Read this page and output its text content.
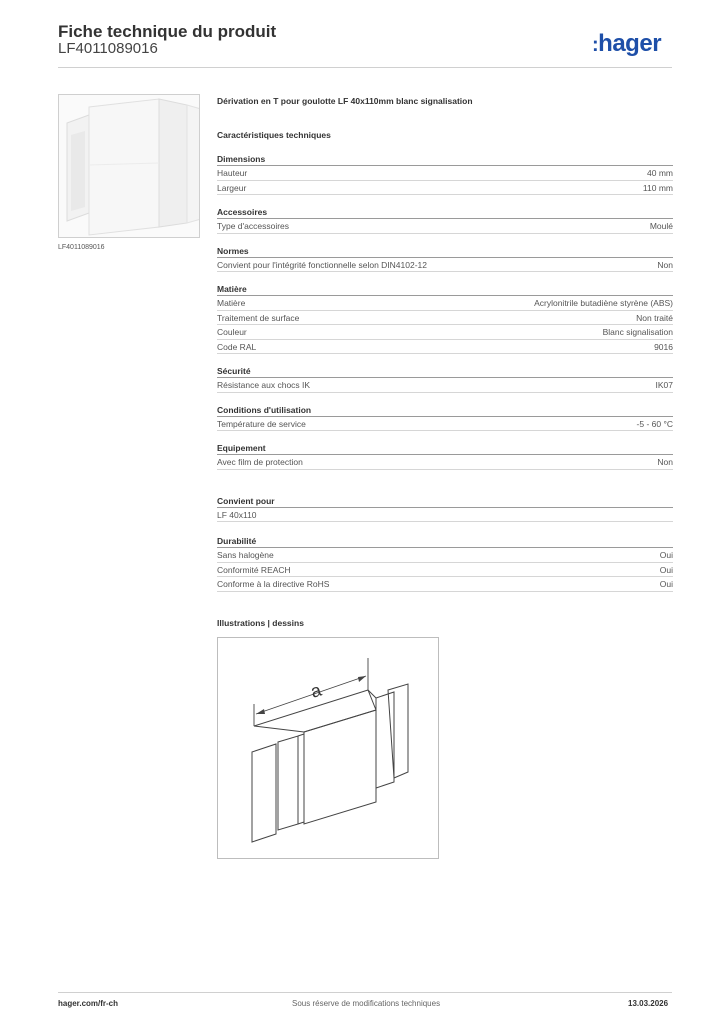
Fiche technique du produit
LF4011089016	:hager
LF4011089016
Dérivation en T pour goulotte LF 40x110mm blanc signalisation
Caractéristiques techniques
Dimensions
Hauteur	40 mm
Largeur	110 mm
Accessoires
Type d'accessoires	Moulé
Normes
Convient pour l'intégrité fonctionnelle selon DIN4102-12	Non
Matière
Matière	Acrylonitrile butadiène styrène (ABS)
Traitement de surface	Non traité
Couleur	Blanc signalisation
Code RAL	9016
Sécurité
Résistance aux chocs IK	IK07
Conditions d'utilisation
Température de service	-5 - 60 °C
Equipement
Avec film de protection	Non
Convient pour
LF 40x110
Durabilité
Sans halogène	Oui
Conformité REACH	Oui
Conforme à la directive RoHS	Oui
Illustrations | dessins
a
hager.com/fr-ch	Sous réserve de modifications techniques	13.03.2026
